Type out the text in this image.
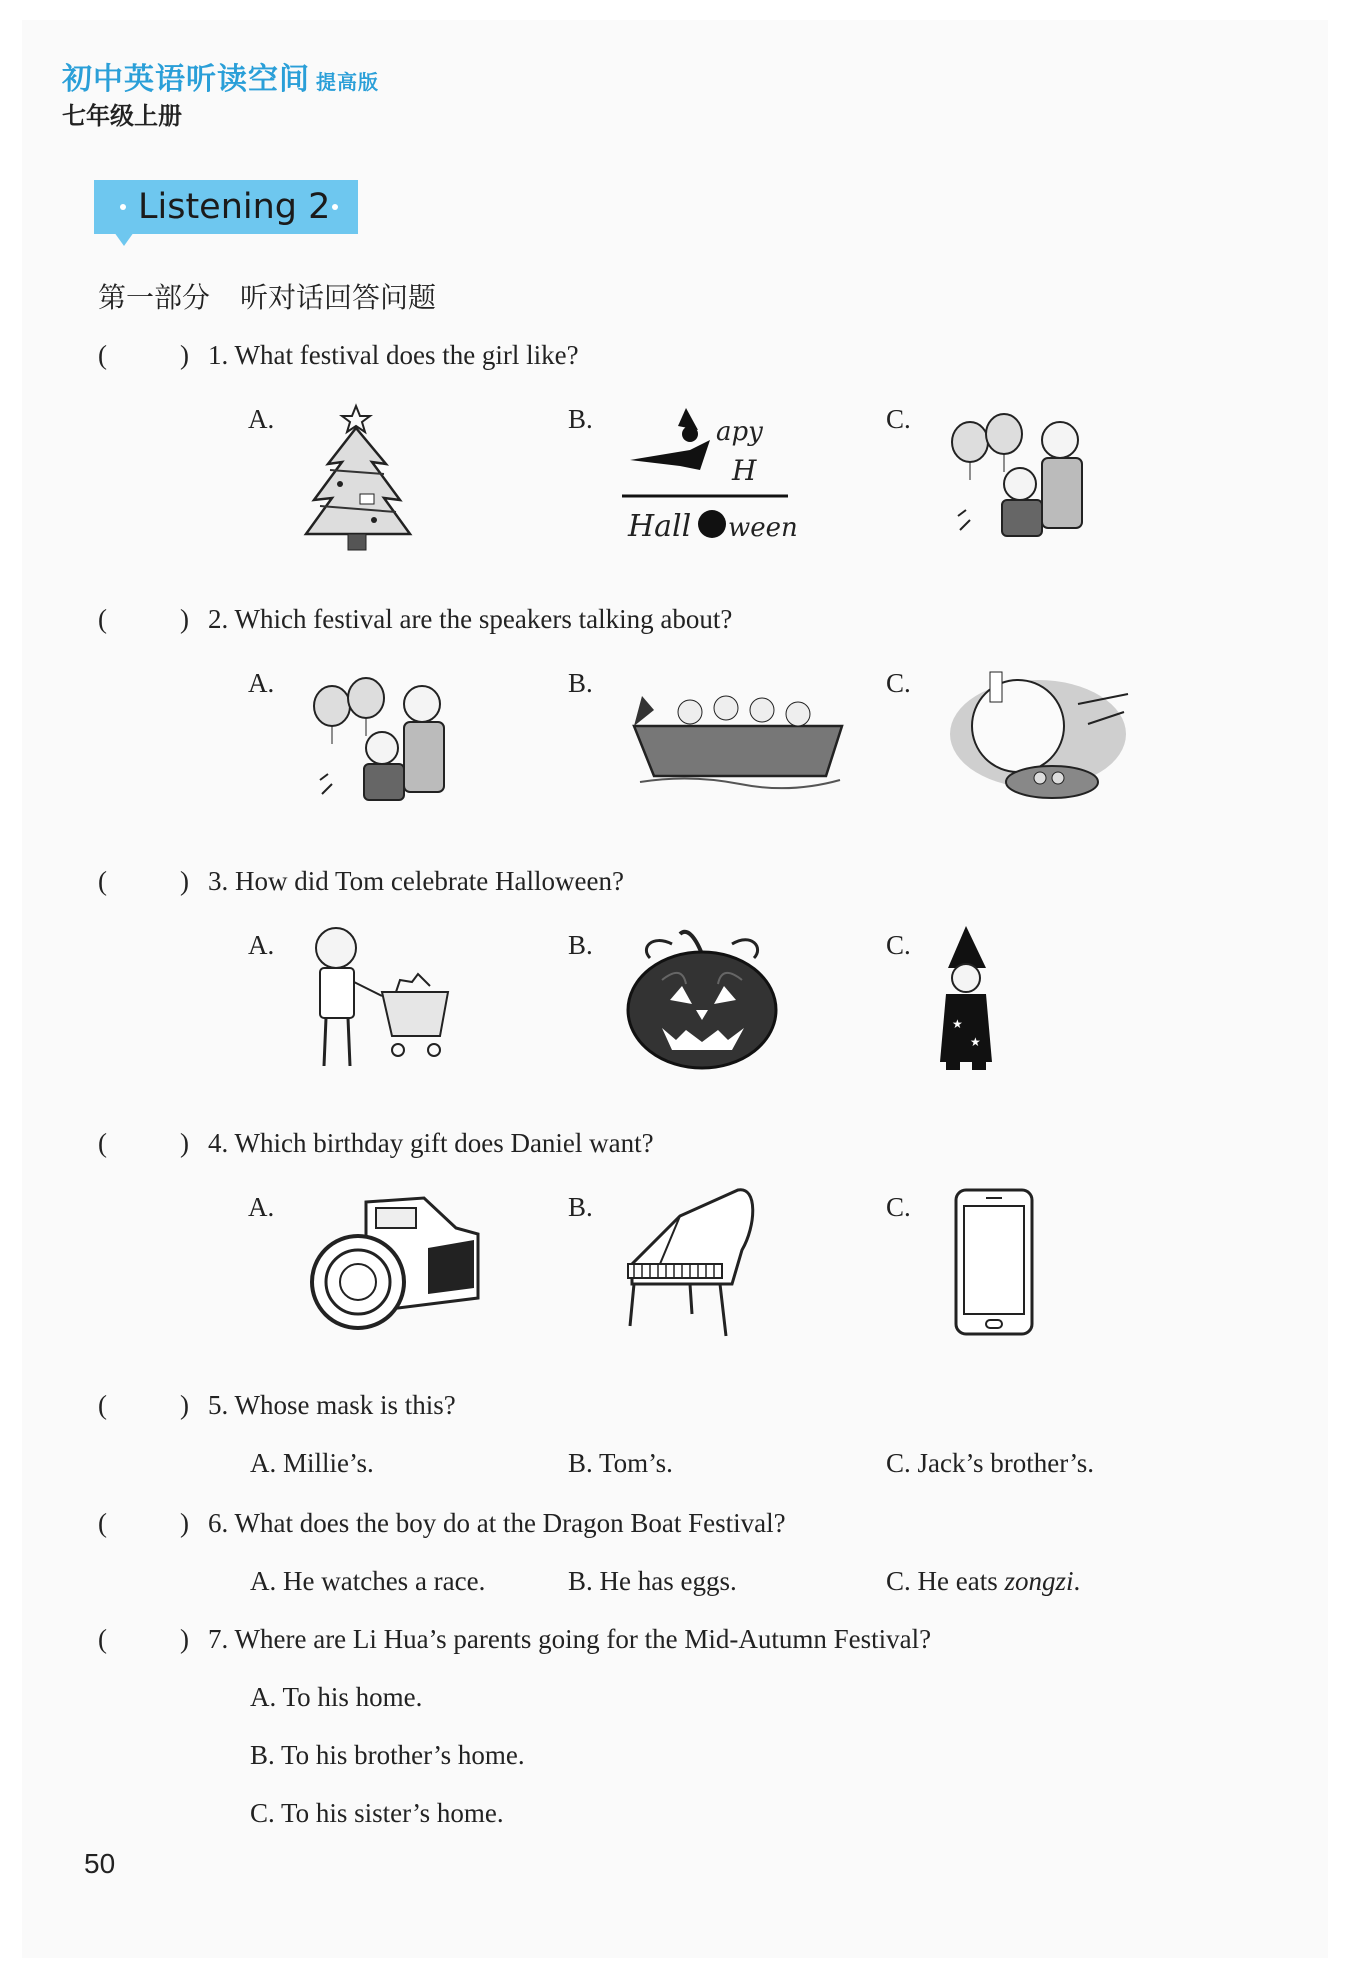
初中英语听读空间 提高版
七年级上册
Listening 2
第一部分 听对话回答问题
(	) 1. What festival does the girl like?
A.	B.	C.
apy
H
Hall ween
(	) 2. Which festival are the speakers talking about?
A.	B.	C.
(	) 3. How did Tom celebrate Halloween?
A.	B.	C.
★
★
(	) 4. Which birthday gift does Daniel want?
A.	B.	C.
(	) 5. Whose mask is this?
A. Millie’s.	B. Tom’s.	C. Jack’s brother’s.
(	) 6. What does the boy do at the Dragon Boat Festival?
A. He watches a race.	B. He has eggs.	C. He eats zongzi.
(	) 7. Where are Li Hua’s parents going for the Mid-Autumn Festival?
A. To his home.
B. To his brother’s home.
C. To his sister’s home.
50
